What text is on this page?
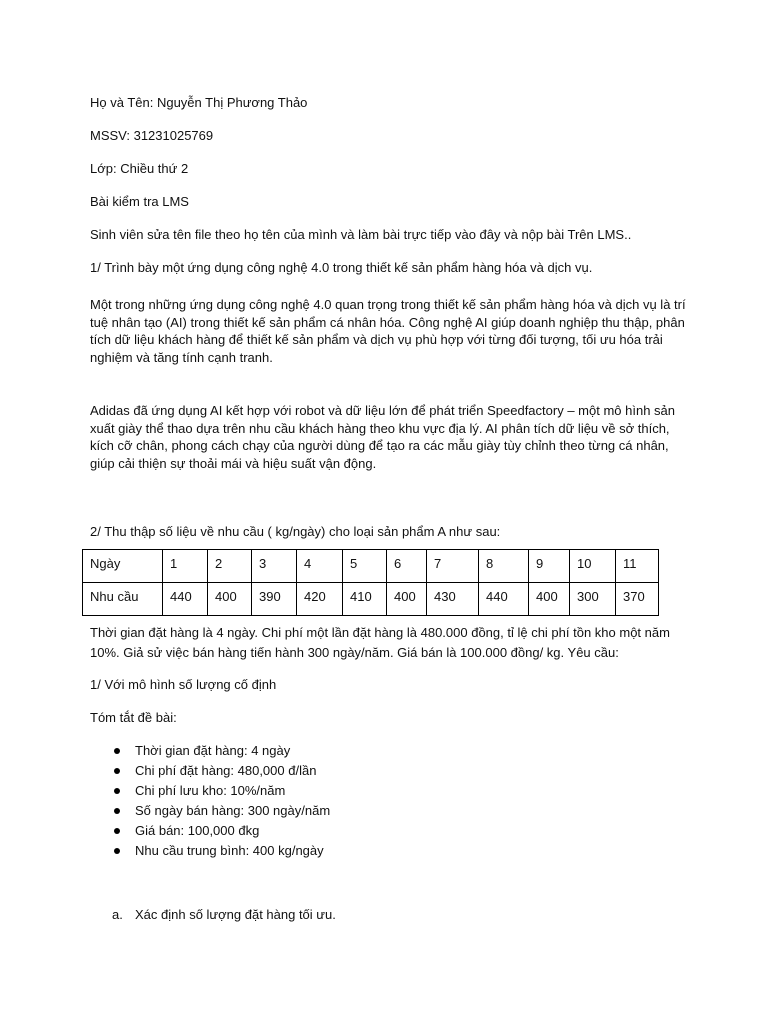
Họ và Tên: Nguyễn Thị Phương Thảo
MSSV: 31231025769
Lớp: Chiều thứ 2
Bài kiểm tra LMS
Sinh viên sửa tên file theo họ tên của mình và làm bài trực tiếp vào đây và nộp bài Trên LMS..
1/ Trình bày một ứng dụng công nghệ 4.0 trong thiết kế sản phẩm hàng hóa và dịch vụ.
Một trong những ứng dụng công nghệ 4.0 quan trọng trong thiết kế sản phẩm hàng hóa và dịch vụ là trí tuệ nhân tạo (AI) trong thiết kế sản phẩm cá nhân hóa. Công nghệ AI giúp doanh nghiệp thu thập, phân tích dữ liệu khách hàng để thiết kế sản phẩm và dịch vụ phù hợp với từng đối tượng, tối ưu hóa trải nghiệm và tăng tính cạnh tranh.
Adidas đã ứng dụng AI kết hợp với robot và dữ liệu lớn để phát triển Speedfactory – một mô hình sản xuất giày thể thao dựa trên nhu cầu khách hàng theo khu vực địa lý. AI phân tích dữ liệu về sở thích, kích cỡ chân, phong cách chạy của người dùng để tạo ra các mẫu giày tùy chỉnh theo từng cá nhân, giúp cải thiện sự thoải mái và hiệu suất vận động.
2/ Thu thập số liệu về nhu cầu ( kg/ngày) cho loại sản phẩm A như sau:
Ngày	1	2	3	4	5	6	7	8	9	10	11
Nhu cầu	440	400	390	420	410	400	430	440	400	300	370
Thời gian đặt hàng là 4 ngày. Chi phí một lần đặt hàng là 480.000 đồng, tỉ lệ chi phí tồn kho một năm 10%. Giả sử việc bán hàng tiến hành 300 ngày/năm. Giá bán là 100.000 đồng/ kg. Yêu cầu:
1/ Với mô hình số lượng cố định
Tóm tắt đề bài:
Thời gian đặt hàng: 4 ngày
Chi phí đặt hàng: 480,000 đ/lần
Chi phí lưu kho: 10%/năm
Số ngày bán hàng: 300 ngày/năm
Giá bán: 100,000 đkg
Nhu cầu trung bình: 400 kg/ngày
a. Xác định số lượng đặt hàng tối ưu.
